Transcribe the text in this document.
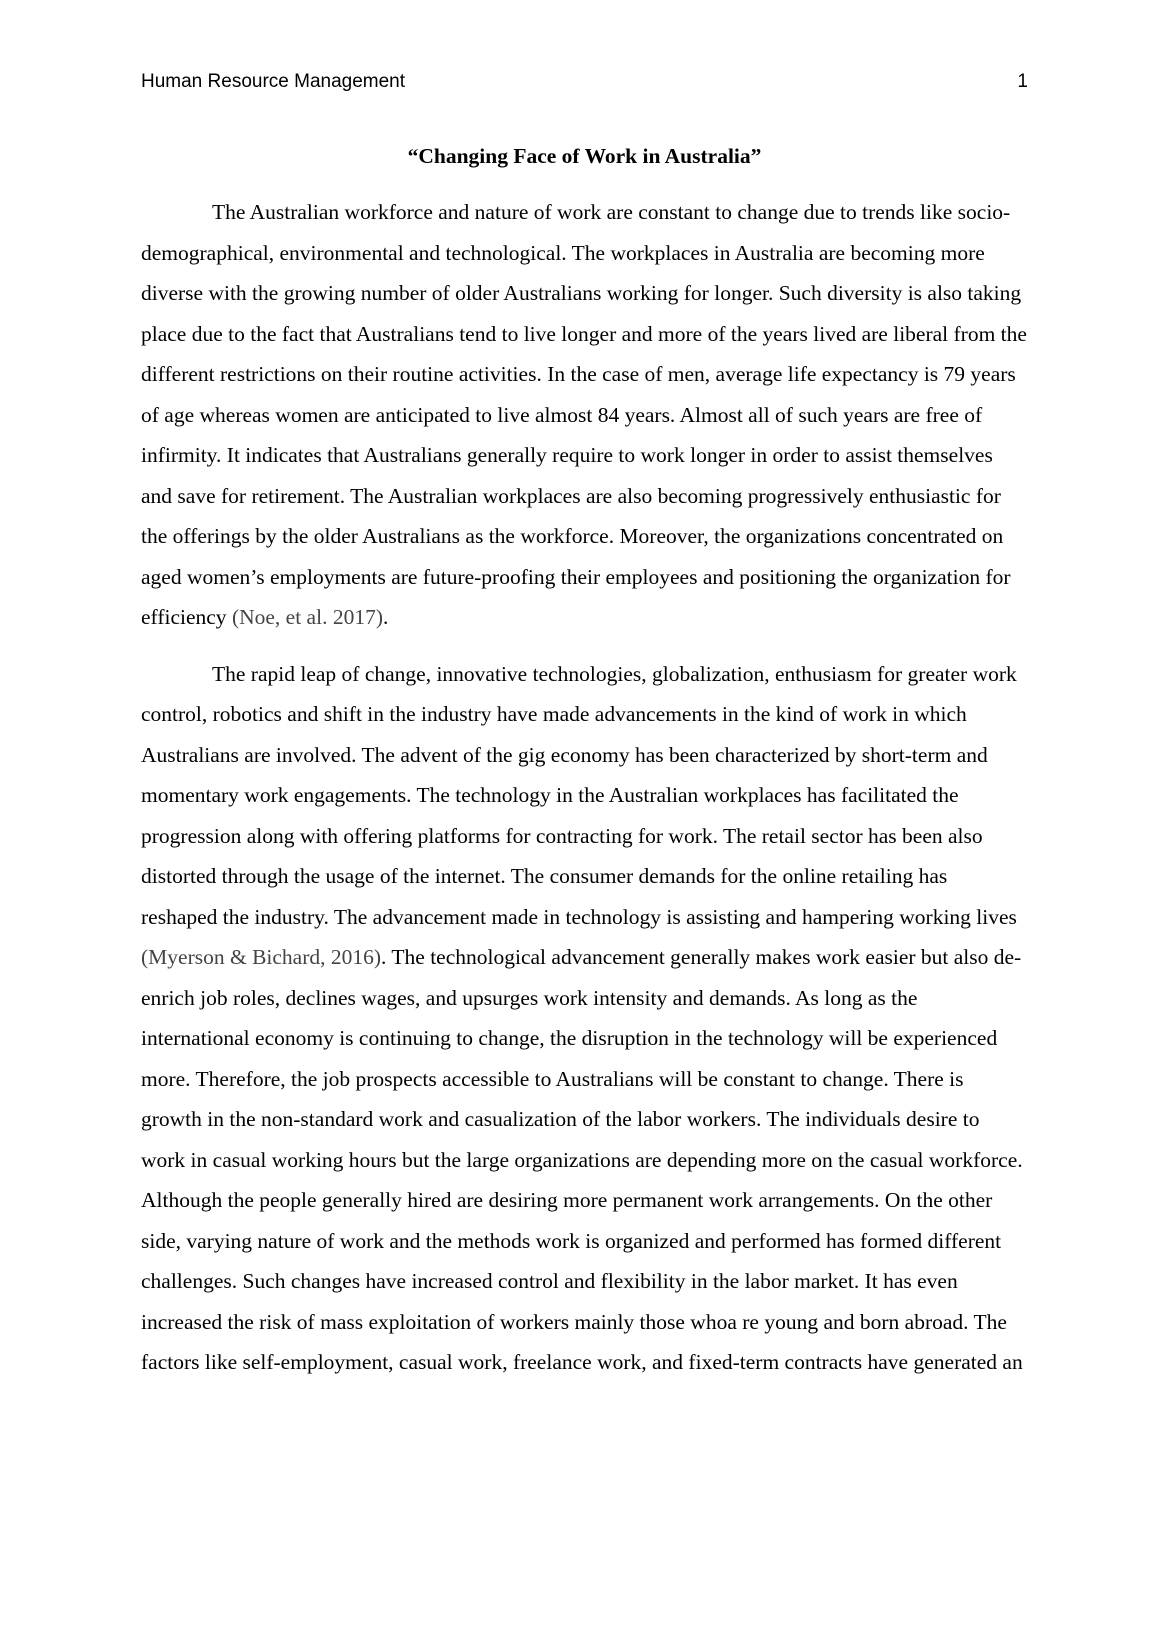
Human Resource Management	1
“Changing Face of Work in Australia”

The Australian workforce and nature of work are constant to change due to trends like socio-demographical, environmental and technological. The workplaces in Australia are becoming more diverse with the growing number of older Australians working for longer. Such diversity is also taking place due to the fact that Australians tend to live longer and more of the years lived are liberal from the different restrictions on their routine activities. In the case of men, average life expectancy is 79 years of age whereas women are anticipated to live almost 84 years. Almost all of such years are free of infirmity. It indicates that Australians generally require to work longer in order to assist themselves and save for retirement. The Australian workplaces are also becoming progressively enthusiastic for the offerings by the older Australians as the workforce. Moreover, the organizations concentrated on aged women’s employments are future-proofing their employees and positioning the organization for efficiency (Noe, et al. 2017).

The rapid leap of change, innovative technologies, globalization, enthusiasm for greater work control, robotics and shift in the industry have made advancements in the kind of work in which Australians are involved. The advent of the gig economy has been characterized by short-term and momentary work engagements. The technology in the Australian workplaces has facilitated the progression along with offering platforms for contracting for work. The retail sector has been also distorted through the usage of the internet. The consumer demands for the online retailing has reshaped the industry. The advancement made in technology is assisting and hampering working lives (Myerson & Bichard, 2016). The technological advancement generally makes work easier but also de-enrich job roles, declines wages, and upsurges work intensity and demands. As long as the international economy is continuing to change, the disruption in the technology will be experienced more. Therefore, the job prospects accessible to Australians will be constant to change. There is growth in the non-standard work and casualization of the labor workers. The individuals desire to work in casual working hours but the large organizations are depending more on the casual workforce. Although the people generally hired are desiring more permanent work arrangements. On the other side, varying nature of work and the methods work is organized and performed has formed different challenges. Such changes have increased control and flexibility in the labor market. It has even increased the risk of mass exploitation of workers mainly those whoa re young and born abroad. The factors like self-employment, casual work, freelance work, and fixed-term contracts have generated an
